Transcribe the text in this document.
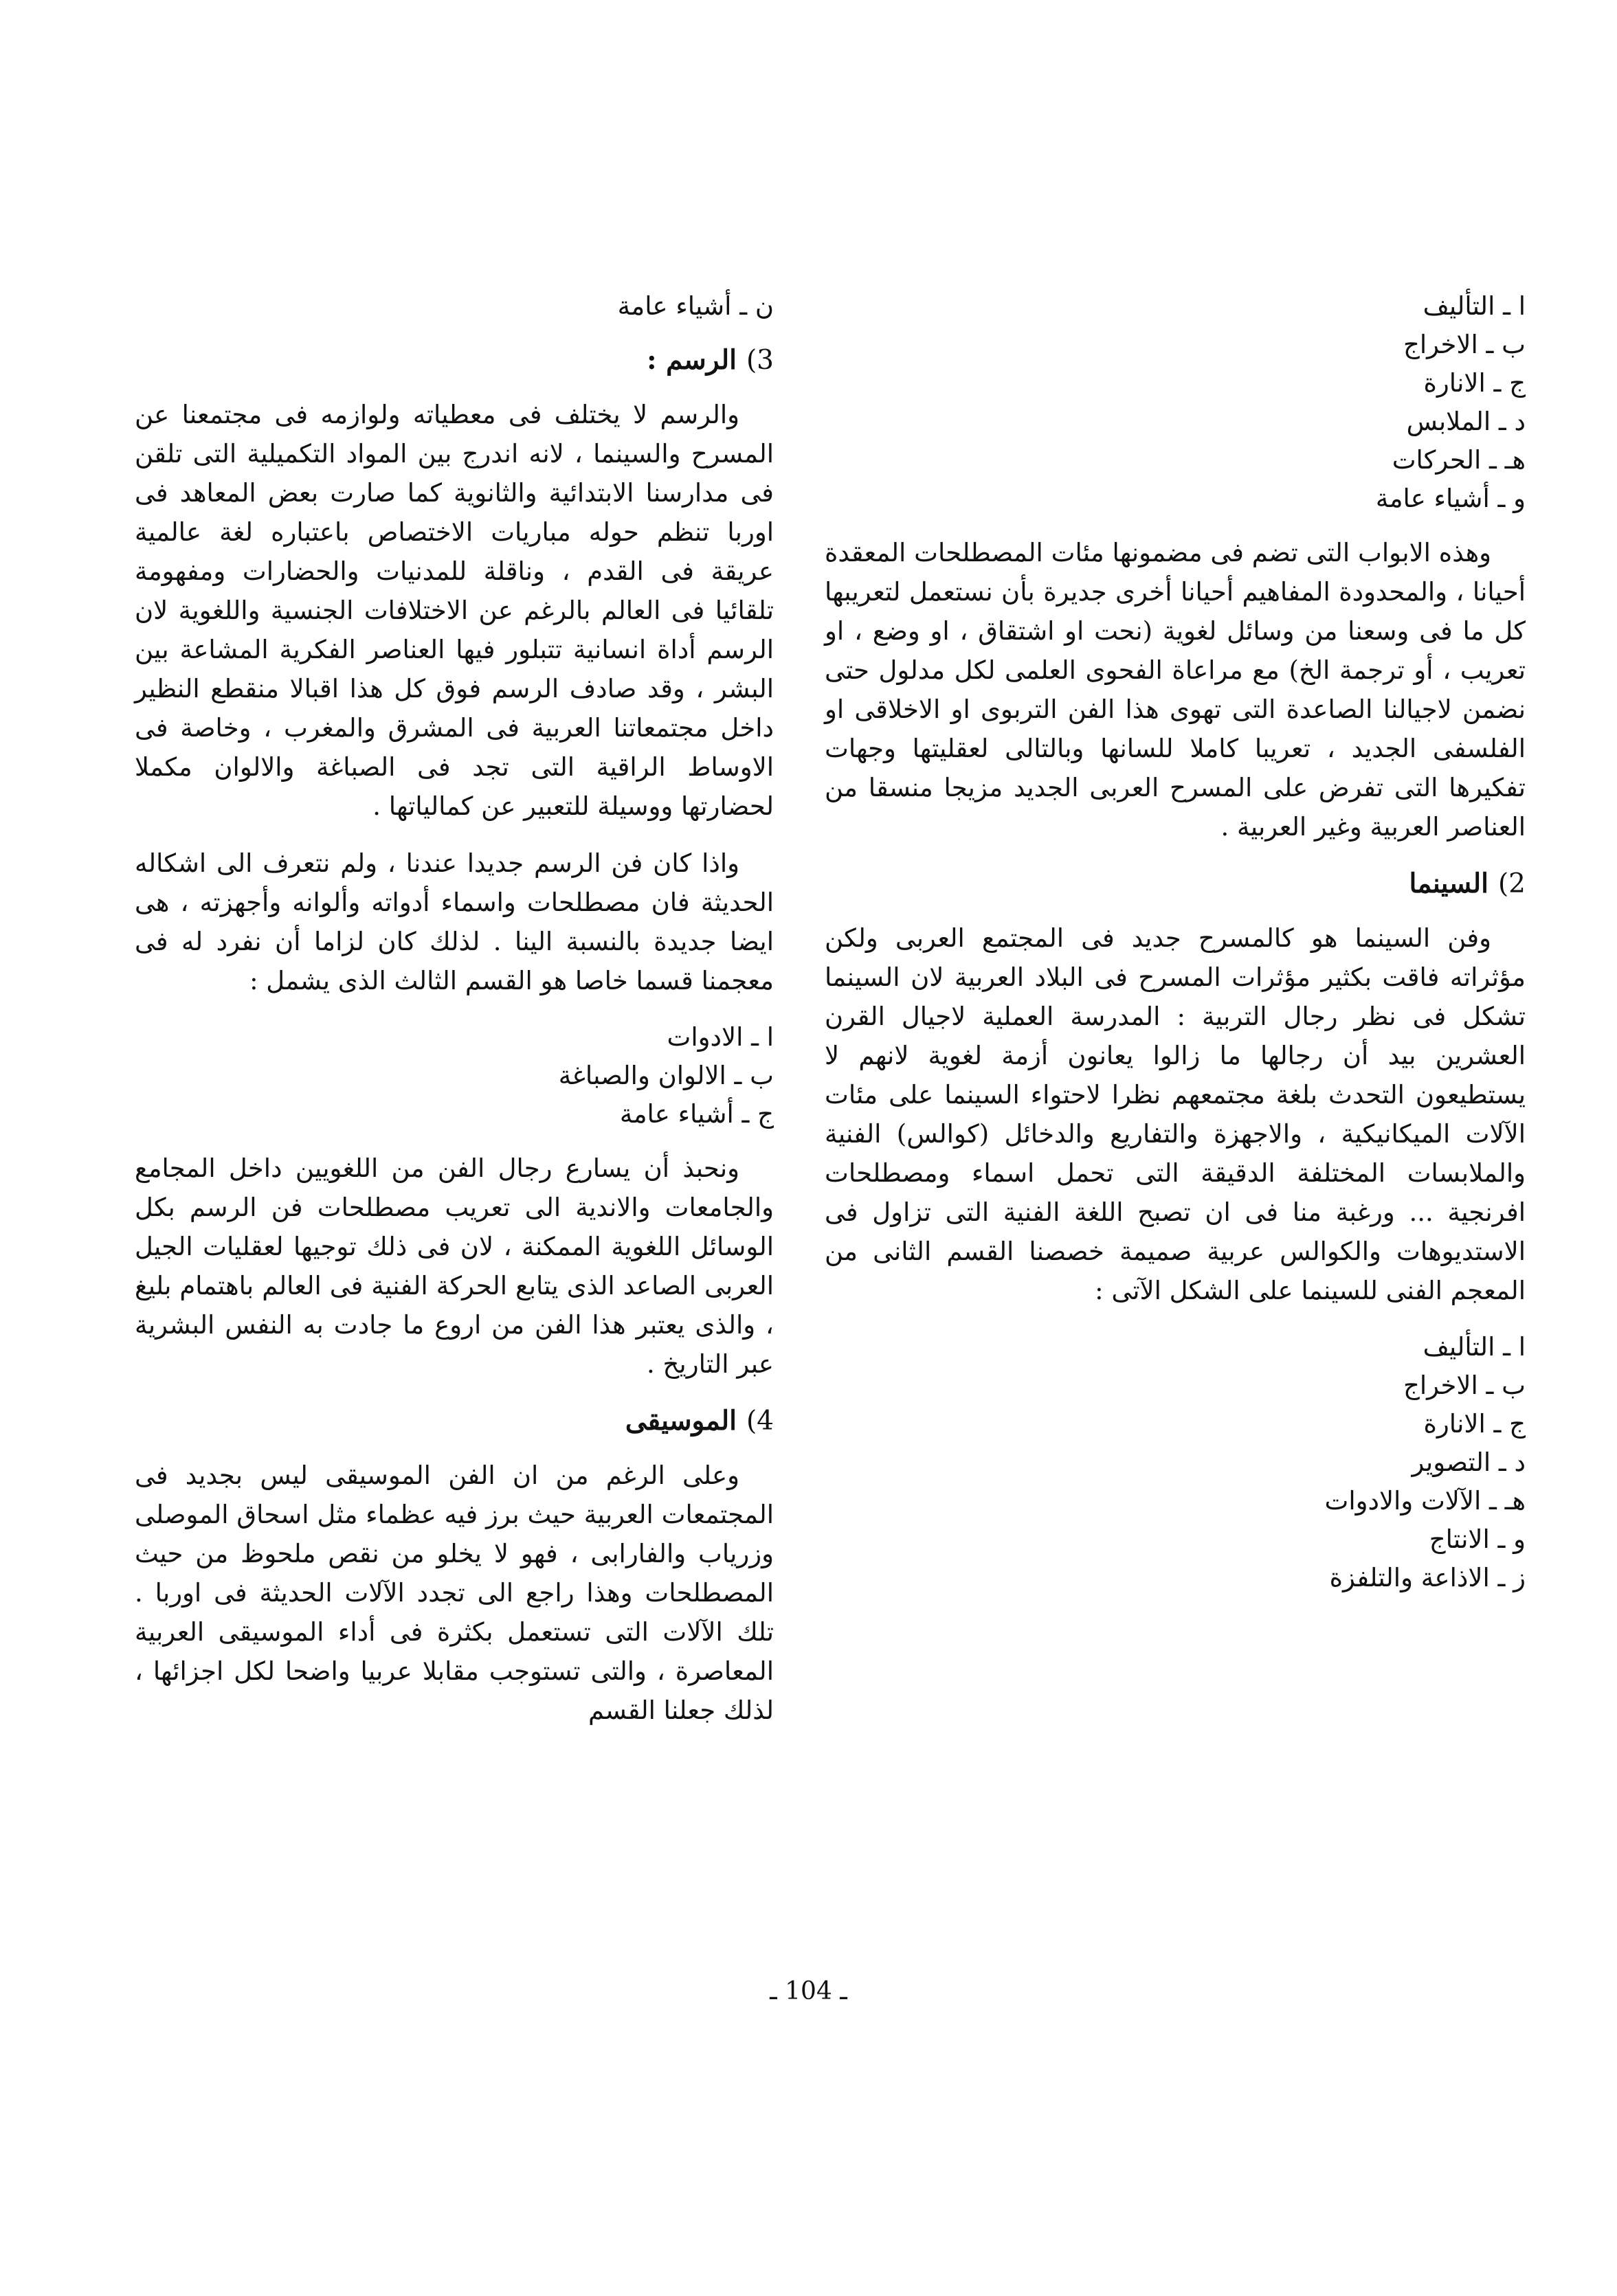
ا ـ التأليف
ب ـ الاخراج
ج ـ الانارة
د ـ الملابس
هـ ـ الحركات
و ـ أشياء عامة

وهذه الابواب التى تضم فى مضمونها مئات المصطلحات المعقدة أحيانا ، والمحدودة المفاهيم أحيانا أخرى جديرة بأن نستعمل لتعريبها كل ما فى وسعنا من وسائل لغوية (نحت او اشتقاق ، او وضع ، او تعريب ، أو ترجمة الخ) مع مراعاة الفحوى العلمى لكل مدلول حتى نضمن لاجيالنا الصاعدة التى تهوى هذا الفن التربوى او الاخلاقى او الفلسفى الجديد ، تعريبا كاملا للسانها وبالتالى لعقليتها وجهات تفكيرها التى تفرض على المسرح العربى الجديد مزيجا منسقا من العناصر العربية وغير العربية .

2)السينما

وفن السينما هو كالمسرح جديد فى المجتمع العربى ولكن مؤثراته فاقت بكثير مؤثرات المسرح فى البلاد العربية لان السينما تشكل فى نظر رجال التربية : المدرسة العملية لاجيال القرن العشرين بيد أن رجالها ما زالوا يعانون أزمة لغوية لانهم لا يستطيعون التحدث بلغة مجتمعهم نظرا لاحتواء السينما على مئات الآلات الميكانيكية ، والاجهزة والتفاريع والدخائل (كوالس) الفنية والملابسات المختلفة الدقيقة التى تحمل اسماء ومصطلحات افرنجية ... ورغبة منا فى ان تصبح اللغة الفنية التى تزاول فى الاستديوهات والكوالس عربية صميمة خصصنا القسم الثانى من المعجم الفنى للسينما على الشكل الآتى :

ا ـ التأليف
ب ـ الاخراج
ج ـ الانارة
د ـ التصوير
هـ ـ الآلات والادوات
و ـ الانتاج
ز ـ الاذاعة والتلفزة
ن ـ أشياء عامة
3)الرسم :

والرسم لا يختلف فى معطياته ولوازمه فى مجتمعنا عن المسرح والسينما ، لانه اندرج بين المواد التكميلية التى تلقن فى مدارسنا الابتدائية والثانوية كما صارت بعض المعاهد فى اوربا تنظم حوله مباريات الاختصاص باعتباره لغة عالمية عريقة فى القدم ، وناقلة للمدنيات والحضارات ومفهومة تلقائيا فى العالم بالرغم عن الاختلافات الجنسية واللغوية لان الرسم أداة انسانية تتبلور فيها العناصر الفكرية المشاعة بين البشر ، وقد صادف الرسم فوق كل هذا اقبالا منقطع النظير داخل مجتمعاتنا العربية فى المشرق والمغرب ، وخاصة فى الاوساط الراقية التى تجد فى الصباغة والالوان مكملا لحضارتها ووسيلة للتعبير عن كمالياتها .

واذا كان فن الرسم جديدا عندنا ، ولم نتعرف الى اشكاله الحديثة فان مصطلحات واسماء أدواته وألوانه وأجهزته ، هى ايضا جديدة بالنسبة الينا . لذلك كان لزاما أن نفرد له فى معجمنا قسما خاصا هو القسم الثالث الذى يشمل :

ا ـ الادوات
ب ـ الالوان والصباغة
ج ـ أشياء عامة

ونحبذ أن يسارع رجال الفن من اللغويين داخل المجامع والجامعات والاندية الى تعريب مصطلحات فن الرسم بكل الوسائل اللغوية الممكنة ، لان فى ذلك توجيها لعقليات الجيل العربى الصاعد الذى يتابع الحركة الفنية فى العالم باهتمام بليغ ، والذى يعتبر هذا الفن من اروع ما جادت به النفس البشرية عبر التاريخ .

4)الموسيقى

وعلى الرغم من ان الفن الموسيقى ليس بجديد فى المجتمعات العربية حيث برز فيه عظماء مثل اسحاق الموصلى وزرياب والفارابى ، فهو لا يخلو من نقص ملحوظ من حيث المصطلحات وهذا راجع الى تجدد الآلات الحديثة فى اوربا . تلك الآلات التى تستعمل بكثرة فى أداء الموسيقى العربية المعاصرة ، والتى تستوجب مقابلا عربيا واضحا لكل اجزائها ، لذلك جعلنا القسم

ـ 104 ـ
